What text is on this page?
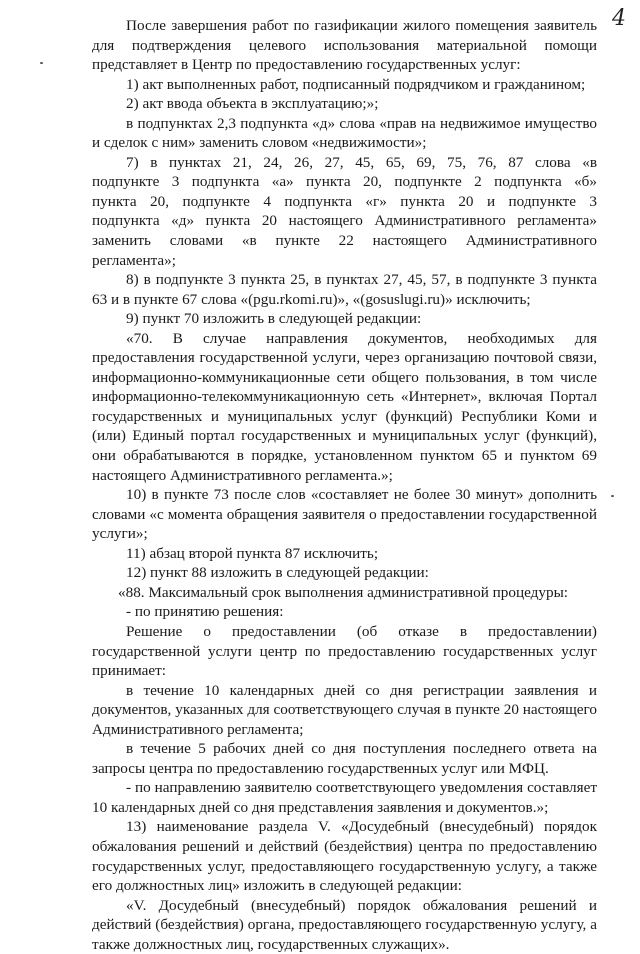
4

После завершения работ по газификации жилого помещения заявитель для подтверждения целевого использования материальной помощи представляет в Центр по предоставлению государственных услуг:

1) акт выполненных работ, подписанный подрядчиком и гражданином;

2) акт ввода объекта в эксплуатацию;»;

в подпунктах 2,3 подпункта «д» слова «прав на недвижимое имущество и сделок с ним» заменить словом «недвижимости»;

7) в пунктах 21, 24, 26, 27, 45, 65, 69, 75, 76, 87 слова «в подпункте 3 подпункта «а» пункта 20, подпункте 2 подпункта «б» пункта 20, подпункте 4 подпункта «г» пункта 20 и подпункте 3 подпункта «д» пункта 20 настоящего Административного регламента» заменить словами «в пункте 22 настоящего Административного регламента»;

8) в подпункте 3 пункта 25, в пунктах 27, 45, 57, в подпункте 3 пункта 63 и в пункте 67 слова «(pgu.rkomi.ru)», «(gosuslugi.ru)» исключить;

9) пункт 70 изложить в следующей редакции:

«70. В случае направления документов, необходимых для предоставления государственной услуги, через организацию почтовой связи, информационно-коммуникационные сети общего пользования, в том числе информационно-телекоммуникационную сеть «Интернет», включая Портал государственных и муниципальных услуг (функций) Республики Коми и (или) Единый портал государственных и муниципальных услуг (функций), они обрабатываются в порядке, установленном пунктом 65 и пунктом 69 настоящего Административного регламента.»;

10) в пункте 73 после слов «составляет не более 30 минут» дополнить словами «с момента обращения заявителя о предоставлении государственной услуги»;

11) абзац второй пункта 87 исключить;

12) пункт 88 изложить в следующей редакции:

«88. Максимальный срок выполнения административной процедуры:

- по принятию решения:

Решение о предоставлении (об отказе в предоставлении) государственной услуги центр по предоставлению государственных услуг принимает:

в течение 10 календарных дней со дня регистрации заявления и документов, указанных для соответствующего случая в пункте 20 настоящего Административного регламента;

в течение 5 рабочих дней со дня поступления последнего ответа на запросы центра по предоставлению государственных услуг или МФЦ.

- по направлению заявителю соответствующего уведомления составляет 10 календарных дней со дня представления заявления и документов.»;

13) наименование раздела V. «Досудебный (внесудебный) порядок обжалования решений и действий (бездействия) центра по предоставлению государственных услуг, предоставляющего государственную услугу, а также его должностных лиц» изложить в следующей редакции:

«V. Досудебный (внесудебный) порядок обжалования решений и действий (бездействия) органа, предоставляющего государственную услугу, а также должностных лиц, государственных служащих».
